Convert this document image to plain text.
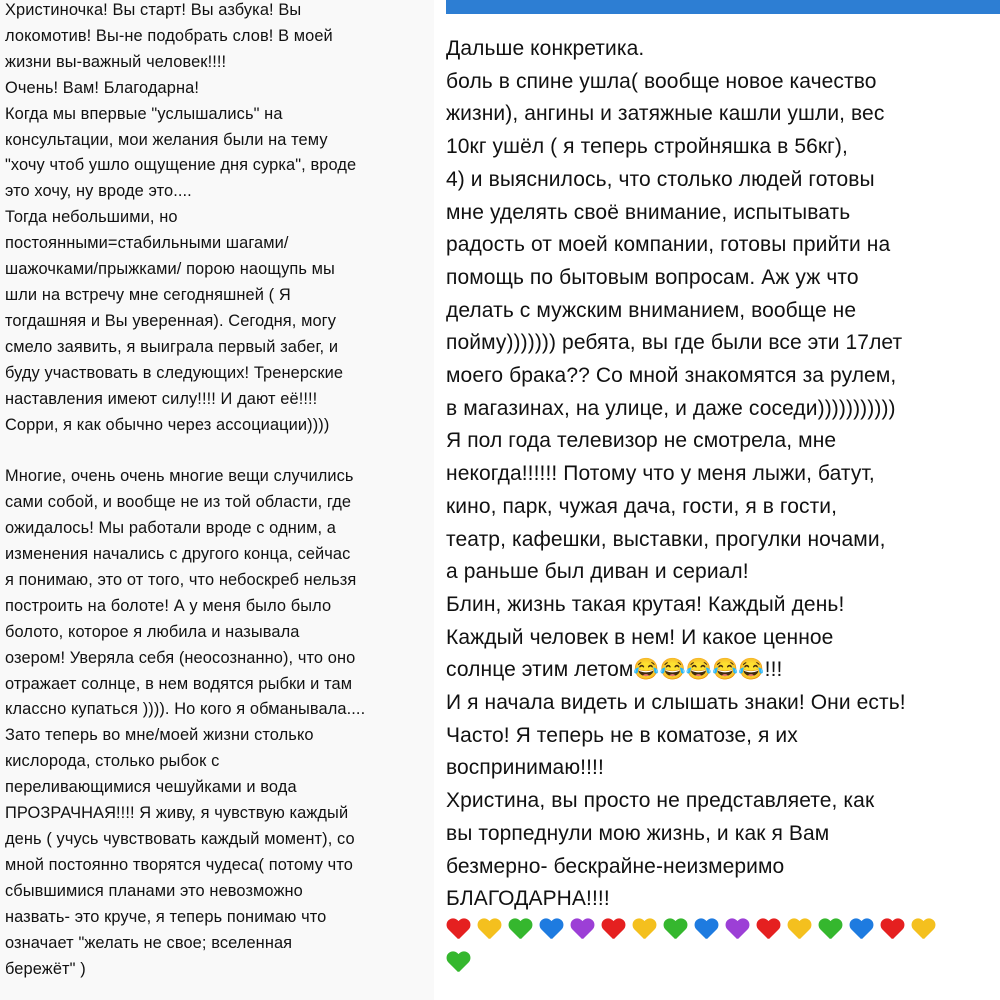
Христиночка! Вы старт! Вы азбука! Вы
локомотив! Вы-не подобрать слов! В моей
жизни вы-важный человек!!!!
Очень! Вам! Благодарна!
Когда мы впервые "услышались" на
консультации, мои желания были на тему
"хочу чтоб ушло ощущение дня сурка", вроде
это хочу, ну вроде это....
Тогда небольшими, но
постоянными=стабильными шагами/
шажочками/прыжками/ порою наощупь мы
шли на встречу мне сегодняшней ( Я
тогдашняя и Вы уверенная). Сегодня, могу
смело заявить, я выиграла первый забег, и
буду участвовать в следующих! Тренерские
наставления имеют силу!!!! И дают её!!!!
Сорри, я как обычно через ассоциации))))
Многие, очень очень многие вещи случились
сами собой, и вообще не из той области, где
ожидалось! Мы работали вроде с одним, а
изменения начались с другого конца, сейчас
я понимаю, это от того, что небоскреб нельзя
построить на болоте! А у меня было было
болото, которое я любила и называла
озером! Уверяла себя (неосознанно), что оно
отражает солнце, в нем водятся рыбки и там
классно купаться )))). Но кого я обманывала....
Зато теперь во мне/моей жизни столько
кислорода, столько рыбок с
переливающимися чешуйками и вода
ПРОЗРАЧНАЯ!!!! Я живу, я чувствую каждый
день ( учусь чувствовать каждый момент), со
мной постоянно творятся чудеса( потому что
сбывшимися планами это невозможно
назвать- это круче, я теперь понимаю что
означает "желать не свое; вселенная
бережёт" )
Дальше конкретика.
боль в спине ушла( вообще новое качество
жизни), ангины и затяжные кашли ушли, вес
10кг ушёл ( я теперь стройняшка в 56кг),
4) и выяснилось, что столько людей готовы
мне уделять своё внимание, испытывать
радость от моей компании, готовы прийти на
помощь по бытовым вопросам. Аж уж что
делать с мужским вниманием, вообще не
пойму))))))) ребята, вы где были все эти 17лет
моего брака?? Со мной знакомятся за рулем,
в магазинах, на улице, и даже соседи)))))))))))
Я пол года телевизор не смотрела, мне
некогда!!!!!! Потому что у меня лыжи, батут,
кино, парк, чужая дача, гости, я в гости,
театр, кафешки, выставки, прогулки ночами,
а раньше был диван и сериал!
Блин, жизнь такая крутая! Каждый день!
Каждый человек в нем! И какое ценное
солнце этим летом😂😂😂😂😂!!!
И я начала видеть и слышать знаки! Они есть!
Часто! Я теперь не в коматозе, я их
воспринимаю!!!!
Христина, вы просто не представляете, как
вы торпеднули мою жизнь, и как я Вам
безмерно- бескрайне-неизмеримо
БЛАГОДАРНА!!!!
